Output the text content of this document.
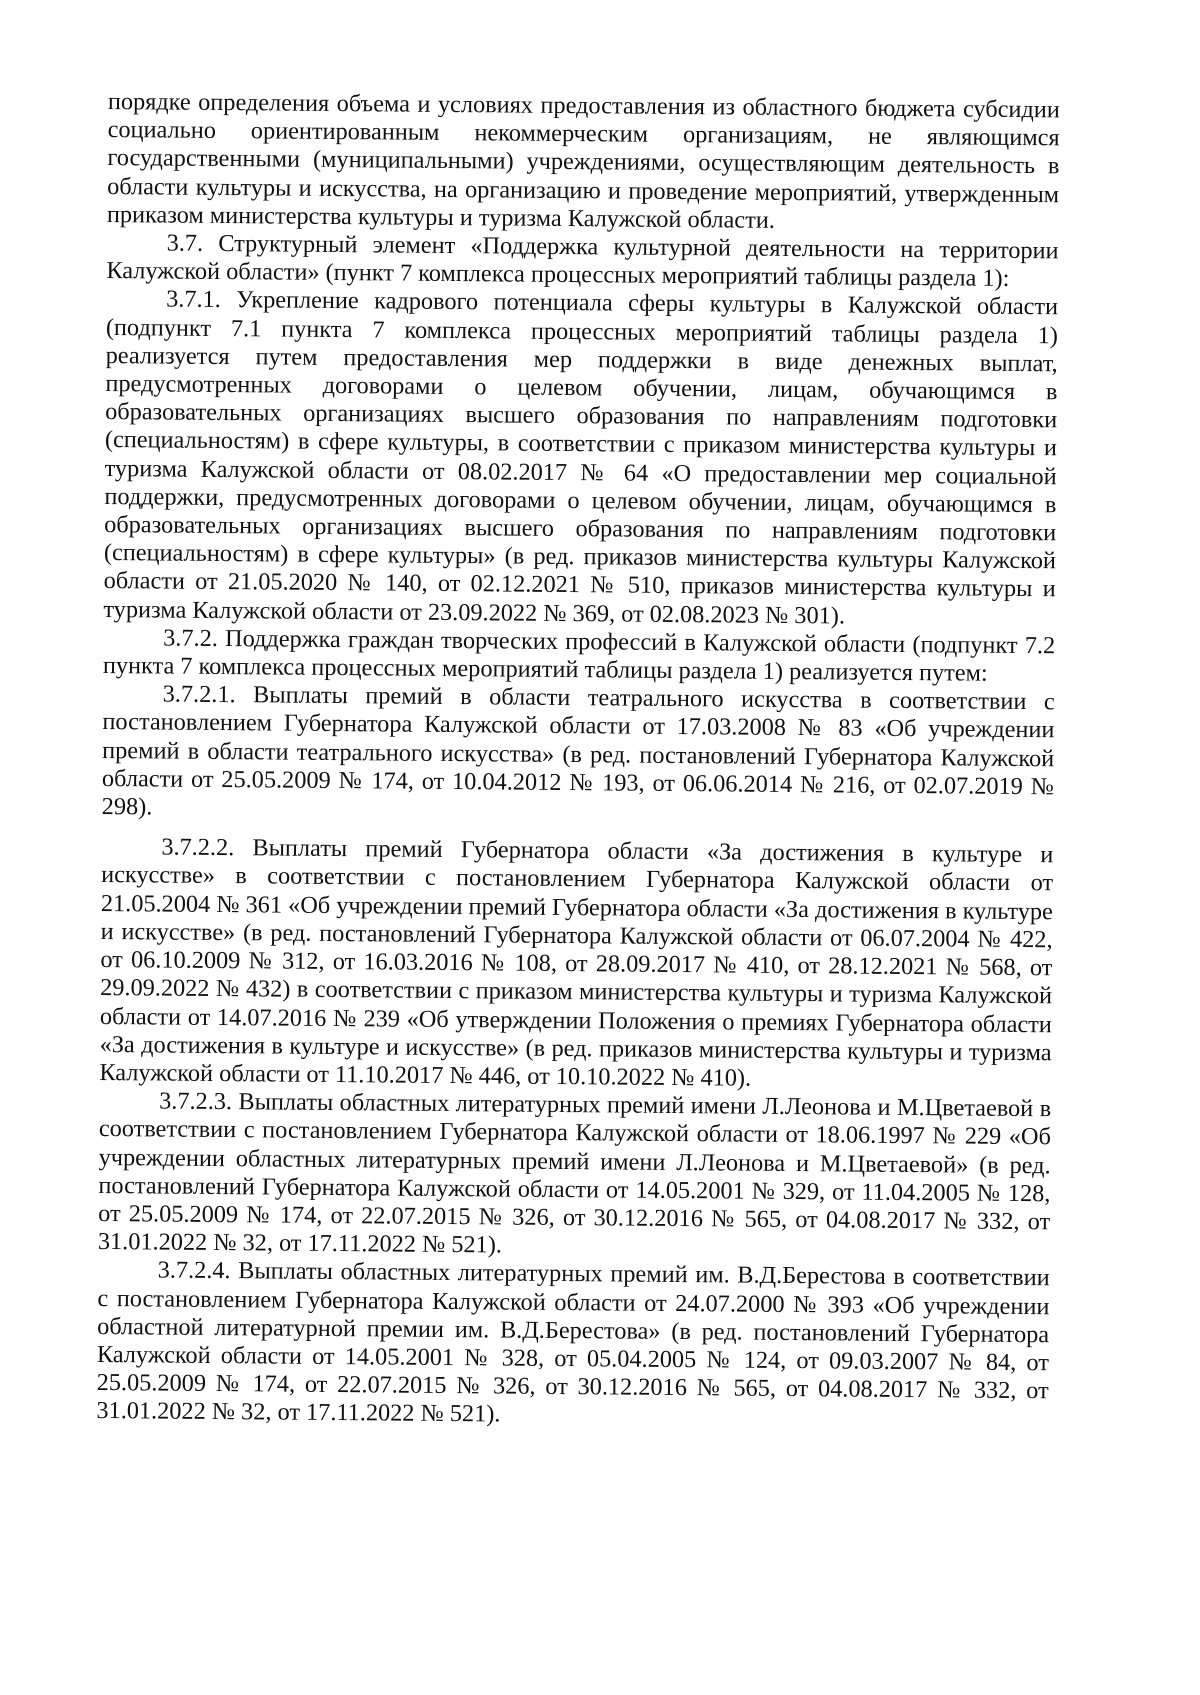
порядке определения объема и условиях предоставления из областного бюджета субсидии социально ориентированным некоммерческим организациям, не являющимся государственными (муниципальными) учреждениями, осуществляющим деятельность в области культуры и искусства, на организацию и проведение мероприятий, утвержденным приказом министерства культуры и туризма Калужской области.

3.7. Структурный элемент «Поддержка культурной деятельности на территории Калужской области» (пункт 7 комплекса процессных мероприятий таблицы раздела 1):

3.7.1. Укрепление кадрового потенциала сферы культуры в Калужской области (подпункт 7.1 пункта 7 комплекса процессных мероприятий таблицы раздела 1) реализуется путем предоставления мер поддержки в виде денежных выплат, предусмотренных договорами о целевом обучении, лицам, обучающимся в образовательных организациях высшего образования по направлениям подготовки (специальностям) в сфере культуры, в соответствии с приказом министерства культуры и туризма Калужской области от 08.02.2017 № 64 «О предоставлении мер социальной поддержки, предусмотренных договорами о целевом обучении, лицам, обучающимся в образовательных организациях высшего образования по направлениям подготовки (специальностям) в сфере культуры» (в ред. приказов министерства культуры Калужской области от 21.05.2020 № 140, от 02.12.2021 № 510, приказов министерства культуры и туризма Калужской области от 23.09.2022 № 369, от 02.08.2023 № 301).

3.7.2. Поддержка граждан творческих профессий в Калужской области (подпункт 7.2 пункта 7 комплекса процессных мероприятий таблицы раздела 1) реализуется путем:

3.7.2.1. Выплаты премий в области театрального искусства в соответствии с постановлением Губернатора Калужской области от 17.03.2008 № 83 «Об учреждении премий в области театрального искусства» (в ред. постановлений Губернатора Калужской области от 25.05.2009 № 174, от 10.04.2012 № 193, от 06.06.2014 № 216, от 02.07.2019 № 298).

3.7.2.2. Выплаты премий Губернатора области «За достижения в культуре и искусстве» в соответствии с постановлением Губернатора Калужской области от 21.05.2004 № 361 «Об учреждении премий Губернатора области «За достижения в культуре и искусстве» (в ред. постановлений Губернатора Калужской области от 06.07.2004 № 422, от 06.10.2009 № 312, от 16.03.2016 № 108, от 28.09.2017 № 410, от 28.12.2021 № 568, от 29.09.2022 № 432) в соответствии с приказом министерства культуры и туризма Калужской области от 14.07.2016 № 239 «Об утверждении Положения о премиях Губернатора области «За достижения в культуре и искусстве» (в ред. приказов министерства культуры и туризма Калужской области от 11.10.2017 № 446, от 10.10.2022 № 410).

3.7.2.3. Выплаты областных литературных премий имени Л.Леонова и М.Цветаевой в соответствии с постановлением Губернатора Калужской области от 18.06.1997 № 229 «Об учреждении областных литературных премий имени Л.Леонова и М.Цветаевой» (в ред. постановлений Губернатора Калужской области от 14.05.2001 № 329, от 11.04.2005 № 128, от 25.05.2009 № 174, от 22.07.2015 № 326, от 30.12.2016 № 565, от 04.08.2017 № 332, от 31.01.2022 № 32, от 17.11.2022 № 521).

3.7.2.4. Выплаты областных литературных премий им. В.Д.Берестова в соответствии с постановлением Губернатора Калужской области от 24.07.2000 № 393 «Об учреждении областной литературной премии им. В.Д.Берестова» (в ред. постановлений Губернатора Калужской области от 14.05.2001 № 328, от 05.04.2005 № 124, от 09.03.2007 № 84, от 25.05.2009 № 174, от 22.07.2015 № 326, от 30.12.2016 № 565, от 04.08.2017 № 332, от 31.01.2022 № 32, от 17.11.2022 № 521).
